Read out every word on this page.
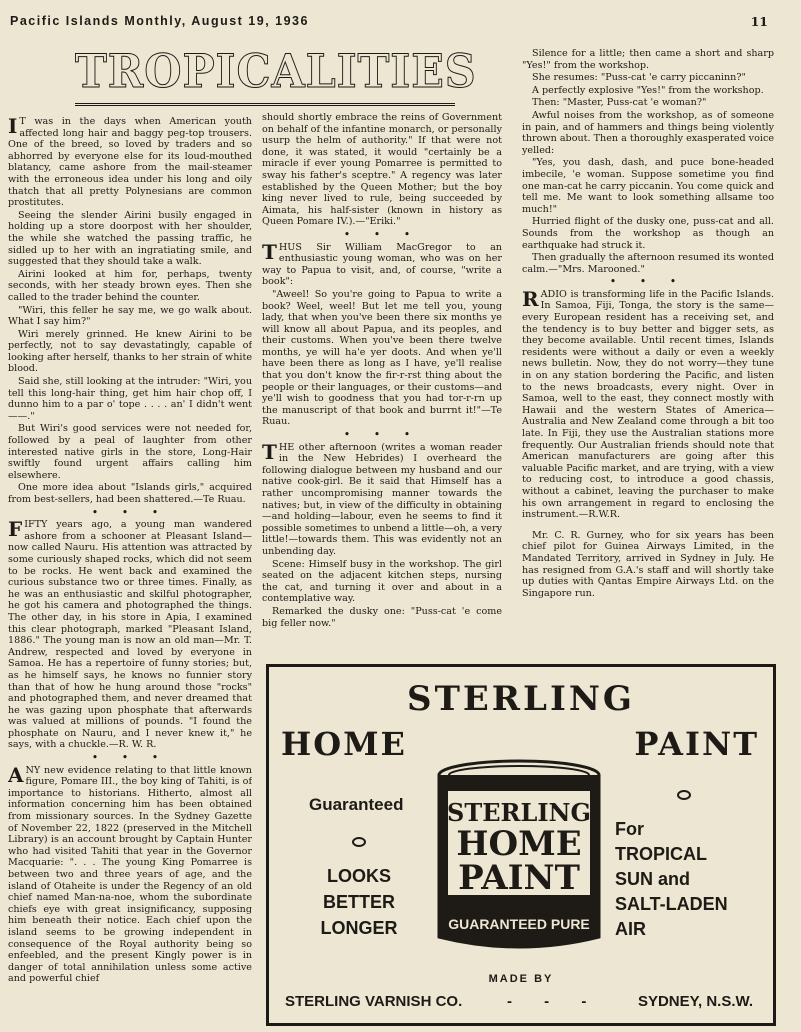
Pacific Islands Monthly, August 19, 1936	11
TROPICALITIES
I T was in the days when American youth affected long hair and baggy peg-top trousers. One of the breed, so loved by traders and so abhorred by everyone else for its loud-mouthed blatancy, came ashore from the mail-steamer with the erroneous idea under his long and oily thatch that all pretty Polynesians are common prostitutes.

Seeing the slender Airini busily engaged in holding up a store doorpost with her shoulder, the while she watched the passing traffic, he sidled up to her with an ingratiating smile, and suggested that they should take a walk.

Airini looked at him for, perhaps, twenty seconds, with her steady brown eyes. Then she called to the trader behind the counter.

"Wiri, this feller he say me, we go walk about. What I say him?"

Wiri merely grinned. He knew Airini to be perfectly, not to say devastatingly, capable of looking after herself, thanks to her strain of white blood.

Said she, still looking at the intruder: "Wiri, you tell this long-hair thing, get him hair chop off, I dunno him to a par o' tope . . . . an' I didn't went——."

But Wiri's good services were not needed for, followed by a peal of laughter from other interested native girls in the store, Long-Hair swiftly found urgent affairs calling him elsewhere.

One more idea about "Islands girls," acquired from best-sellers, had been shattered.—Te Ruau.

• • •
F IFTY years ago, a young man wandered ashore from a schooner at Pleasant Island—now called Nauru. His attention was attracted by some curiously shaped rocks, which did not seem to be rocks. He went back and examined the curious substance two or three times. Finally, as he was an enthusiastic and skilful photographer, he got his camera and photographed the things. The other day, in his store in Apia, I examined this clear photograph, marked "Pleasant Island, 1886." The young man is now an old man—Mr. T. Andrew, respected and loved by everyone in Samoa. He has a repertoire of funny stories; but, as he himself says, he knows no funnier story than that of how he hung around those "rocks" and photographed them, and never dreamed that he was gazing upon phosphate that afterwards was valued at millions of pounds. "I found the phosphate on Nauru, and I never knew it," he says, with a chuckle.—R. W. R.

• • •
A NY new evidence relating to that little known figure, Pomare III., the boy king of Tahiti, is of importance to historians. Hitherto, almost all information concerning him has been obtained from missionary sources. In the Sydney Gazette of November 22, 1822 (preserved in the Mitchell Library) is an account brought by Captain Hunter who had visited Tahiti that year in the Governor Macquarie: ". . . The young King Pomarree is between two and three years of age, and the island of Otaheite is under the Regency of an old chief named Man-na-noe, whom the subordinate chiefs eye with great insignificancy, supposing him beneath their notice. Each chief upon the island seems to be growing independent in consequence of the Royal authority being so enfeebled, and the present Kingly power is in danger of total annihilation unless some active and powerful chief

should shortly embrace the reins of Government on behalf of the infantine monarch, or personally usurp the helm of authority." If that were not done, it was stated, it would "certainly be a miracle if ever young Pomarree is permitted to sway his father's sceptre." A regency was later established by the Queen Mother; but the boy king never lived to rule, being succeeded by Aimata, his half-sister (known in history as Queen Pomare IV.).—"Eriki."

• • •
T HUS Sir William MacGregor to an enthusiastic young woman, who was on her way to Papua to visit, and, of course, "write a book":

"Aweel! So you're going to Papua to write a book? Weel, weel! But let me tell you, young lady, that when you've been there six months ye will know all about Papua, and its peoples, and their customs. When you've been there twelve months, ye will ha'e yer doots. And when ye'll have been there as long as I have, ye'll realise that you don't know the fir-r-rst thing about the people or their languages, or their customs—and ye'll wish to goodness that you had tor-r-rn up the manuscript of that book and burrnt it!"—Te Ruau.

• • •
T HE other afternoon (writes a woman reader in the New Hebrides) I overheard the following dialogue between my husband and our native cook-girl. Be it said that Himself has a rather uncompromising manner towards the natives; but, in view of the difficulty in obtaining—and holding—labour, even he seems to find it possible sometimes to unbend a little—oh, a very little!—towards them. This was evidently not an unbending day.

Scene: Himself busy in the workshop. The girl seated on the adjacent kitchen steps, nursing the cat, and turning it over and about in a contemplative way.

Remarked the dusky one: "Puss-cat 'e come big feller now."

Silence for a little; then came a short and sharp "Yes!" from the workshop.

She resumes: "Puss-cat 'e carry piccaninn?"

A perfectly explosive "Yes!" from the workshop.

Then: "Master, Puss-cat 'e woman?"

Awful noises from the workshop, as of someone in pain, and of hammers and things being violently thrown about. Then a thoroughly exasperated voice yelled:

"Yes, you dash, dash, and puce bone-headed imbecile, 'e woman. Suppose sometime you find one man-cat he carry piccanin. You come quick and tell me. Me want to look something allsame too much!"

Hurried flight of the dusky one, puss-cat and all. Sounds from the workshop as though an earthquake had struck it.

Then gradually the afternoon resumed its wonted calm.—"Mrs. Marooned."

• • •
R ADIO is transforming life in the Pacific Islands. In Samoa, Fiji, Tonga, the story is the same—every European resident has a receiving set, and the tendency is to buy better and bigger sets, as they become available. Until recent times, Islands residents were without a daily or even a weekly news bulletin. Now, they do not worry—they tune in on any station bordering the Pacific, and listen to the news broadcasts, every night. Over in Samoa, well to the east, they connect mostly with Hawaii and the western States of America—Australia and New Zealand come through a bit too late. In Fiji, they use the Australian stations more frequently. Our Australian friends should note that American manufacturers are going after this valuable Pacific market, and are trying, with a view to reducing cost, to introduce a good chassis, without a cabinet, leaving the purchaser to make his own arrangement in regard to enclosing the instrument.—R.W.R.

Mr. C. R. Gurney, who for six years has been chief pilot for Guinea Airways Limited, in the Mandated Territory, arrived in Sydney in July. He has resigned from G.A.'s staff and will shortly take up duties with Qantas Empire Airways Ltd. on the Singapore run.

STERLING
HOME	PAINT
Guaranteed
LOOKS
BETTER
LONGER
For
TROPICAL
SUN and
SALT-LADEN
AIR
STERLING
HOME
PAINT
GUARANTEED PURE
MADE BY
STERLING VARNISH CO.	- - -	SYDNEY, N.S.W.
